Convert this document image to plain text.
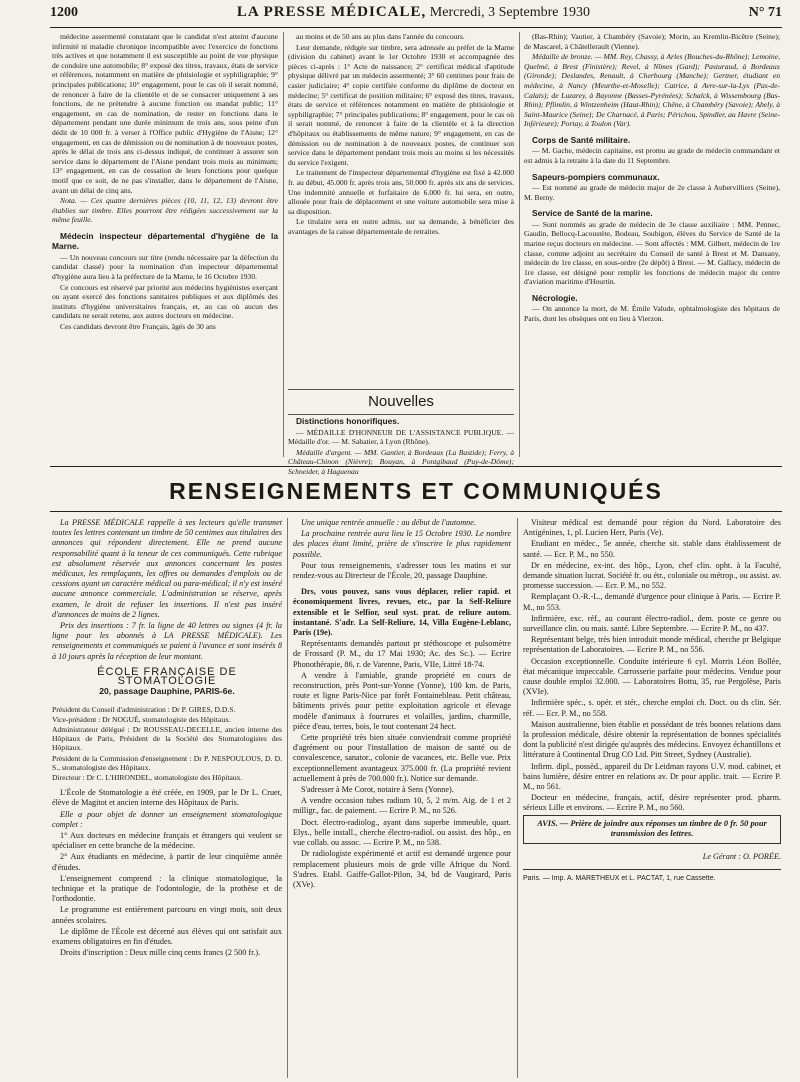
1200	LA PRESSE MÉDICALE, Mercredi, 3 Septembre 1930	N° 71

médecine assermenté constatant que le candidat n'est atteint d'aucune infirmité ni maladie chronique incompatible avec l'exercice de fonctions très actives et que notamment il est susceptible au point de vue physique de conduire une automobile; 8° exposé des titres, travaux, états de service et références, notamment en matière de phtisiologie et syphiligraphie; 9° principales publications; 10° engagement, pour le cas où il serait nommé, de renoncer à faire de la clientèle et de se consacrer uniquement à ses fonctions, de ne prétendre à aucune fonction ou mandat public; 11° engagement, en cas de nomination, de rester en fonctions dans le département pendant une durée minimum de trois ans, sous peine d'un dédit de 10 000 fr. à verser à l'Office public d'Hygiène de l'Aisne; 12° engagement, en cas de démission ou de nomination à de nouveaux postes, après le délai de trois ans ci-dessus indiqué, de continuer à assurer son service dans le département de l'Aisne pendant trois mois au minimum; 13° engagement, en cas de cessation de leurs fonctions pour quelque motif que ce soit, de ne pas s'installer, dans le département de l'Aisne, avant un délai de cinq ans.

Nota. — Ces quatre dernières pièces (10, 11, 12, 13) devront être établies sur timbre. Elles pourront être rédigées successivement sur la même feuille.

Médecin inspecteur départemental d'hygiène de la Marne.

— Un nouveau concours sur titre (rendu nécessaire par la défection du candidat classé) pour la nomination d'un inspecteur départemental d'hygiène aura lieu à la préfecture de la Marne, le 16 Octobre 1930.

Ce concours est réservé par priorité aux médecins hygiénistes exerçant ou ayant exercé des fonctions sanitaires publiques et aux diplômés des instituts d'hygiène universitaires français, et, au cas où aucun des candidats ne serait retenu, aux autres docteurs en médecine.

Ces candidats devront être Français, âgés de 30 ans

au moins et de 50 ans au plus dans l'année du concours.

Leur demande, rédigée sur timbre, sera adressée au préfet de la Marne (division du cabinet) avant le 1er Octobre 1930 et accompagnée des pièces ci-après : 1° Acte de naissance; 2° certificat médical d'aptitude physique délivré par un médecin assermenté; 3° 60 centimes pour frais de casier judiciaire; 4° copie certifiée conforme du diplôme de docteur en médecine; 5° certificat de position militaire; 6° exposé des titres, travaux, états de service et références notamment en matière de phtisiologie et syphiligraphie; 7° principales publications; 8° engagement, pour le cas où il serait nommé, de renoncer à faire de la clientèle et à la direction d'hôpitaux ou établissements de même nature; 9° engagement, en cas de démission ou de nomination à de nouveaux postes, de continuer son service dans le département pendant trois mois au moins si les nécessités du service l'exigent.

Le traitement de l'inspecteur départemental d'hygiène est fixé à 42.000 fr. au début, 45.000 fr. après trois ans, 50.000 fr. après six ans de services. Une indemnité annuelle et forfaitaire de 6.000 fr. lui sera, en outre, allouée pour frais de déplacement et une voiture automobile sera mise à sa disposition.

Le titulaire sera en outre admis, sur sa demande, à bénéficier des avantages de la caisse départementale de retraites.

Nouvelles

Distinctions honorifiques.

— MÉDAILLE D'HONNEUR DE L'ASSISTANCE PUBLIQUE. — Médaille d'or. — M. Sabatier, à Lyon (Rhône).

Médaille d'argent. — MM. Gantier, à Bordeaux (La Bastide); Ferry, à Château-Chinon (Nièvre); Bouyan, à Pontgibaud (Puy-de-Dôme); Schneider, à Haguenau

(Bas-Rhin); Vautier, à Chambéry (Savoie); Morin, au Kremlin-Bicêtre (Seine); de Mascarel, à Châtellerault (Vienne).

Médaille de bronze. — MM. Rey, Chassy, à Arles (Bouches-du-Rhône); Lemoine, Quelmé, à Brest (Finistère); Revel, à Nîmes (Gard); Pasturaud, à Bordeaux (Gironde); Deslandes, Renault, à Cherbourg (Manche); Gertner, étudiant en médecine, à Nancy (Meurthe-et-Moselle); Catrice, à Avre-sur-la-Lys (Pas-de-Calais); de Luzarey, à Bayonne (Basses-Pyrénées); Schalck, à Wissembourg (Bas-Rhin); Pflimlin, à Wintzenheim (Haut-Rhin); Chêne, à Chambéry (Savoie); Abely, à Saint-Maurice (Seine); De Charnacé, à Paris; Périchou, Spindler, au Havre (Seine-Inférieure); Portay, à Toulon (Var).

Corps de Santé militaire.

— M. Gache, médecin capitaine, est promu au grade de médecin commandant et est admis à la retraite à la date du 11 Septembre.

Sapeurs-pompiers communaux.

— Est nommé au grade de médecin major de 2e classe à Aubervilliers (Seine), M. Berny.

Service de Santé de la marine.

— Sont nommés au grade de médecin de 3e classe auxiliaire : MM. Pennec, Gaudin, Bellocq-Lacoustète, Bodeau, Soubigon, élèves du Service de Santé de la marine reçus docteurs en médecine. — Sont affectés : MM. Gilbert, médecin de 1re classe, comme adjoint au secrétaire du Conseil de santé à Brest et M. Dansany, médecin de 1re classe, en sous-ordre (2e dépôt) à Brest. — M. Gallacy, médecin de 1re classe, est désigné pour remplir les fonctions de médecin major du centre d'aviation maritime d'Hourtin.

Nécrologie.

— On annonce la mort, de M. Émile Valude, ophtalmologiste des hôpitaux de Paris, dont les obsèques ont eu lieu à Vierzon.

RENSEIGNEMENTS ET COMMUNIQUÉS

La PRESSE MÉDICALE rappelle à ses lecteurs qu'elle transmet toutes les lettres contenant un timbre de 50 centimes aux titulaires des annonces qui répondent directement. Elle ne prend aucune responsabilité quant à la teneur de ces communiqués. Cette rubrique est absolument réservée aux annonces concernant les postes médicaux, les remplaçants, les offres ou demandes d'emplois ou de cessions ayant un caractère médical ou para-médical; il n'y est inséré aucune annonce commerciale. L'administration se réserve, après examen, le droit de refuser les insertions. Il n'est pas inséré d'annonces de moins de 2 lignes.

Prix des insertions : 7 fr. la ligne de 40 lettres ou signes (4 fr. la ligne pour les abonnés à LA PRESSE MÉDICALE). Les renseignements et communiqués se paient à l'avance et sont insérés 8 à 10 jours après la réception de leur montant.

ÉCOLE FRANÇAISE DE STOMATOLOGIE
20, passage Dauphine, PARIS-6e.

Président du Conseil d'administration : Dr P. GIRES, D.D.S.

Vice-président : Dr NOGUÉ, stomatologiste des Hôpitaux.

Administrateur délégué : Dr ROUSSEAU-DECELLE, ancien interne des Hôpitaux de Paris, Président de la Société des Stomatologistes des Hôpitaux.

Président de la Commission d'enseignement : Dr P. NESPOULOUS, D. D. S., stomatologiste des Hôpitaux.

Directeur : Dr C. L'HIRONDEL, stomatologiste des Hôpitaux.

L'École de Stomatologie a été créée, en 1909, par le Dr L. Cruet, élève de Magitot et ancien interne des Hôpitaux de Paris.

Elle a pour objet de donner un enseignement stomatologique complet :

1° Aux docteurs en médecine français et étrangers qui veulent se spécialiser en cette branche de la médecine.

2° Aux étudiants en médecine, à partir de leur cinquième année d'études.

L'enseignement comprend : la clinique stomatologique, la technique et la pratique de l'odontologie, de la prothèse et de l'orthodontie.

Le programme est entièrement parcouru en vingt mois, soit deux années scolaires.

Le diplôme de l'École est décerné aux élèves qui ont satisfait aux examens obligatoires en fin d'études.

Droits d'inscription : Deux mille cinq cents francs (2 500 fr.).

Une unique rentrée annuelle : au début de l'automne.

La prochaine rentrée aura lieu le 15 Octobre 1930. Le nombre des places étant limité, prière de s'inscrire le plus rapidement possible.

Pour tous renseignements, s'adresser tous les matins et sur rendez-vous au Directeur de l'École, 20, passage Dauphine.

Drs, vous pouvez, sans vous déplacer, relier rapid. et économiquement livres, revues, etc., par la Self-Reliure extensible et le Selfior, seul syst. prat. de reliure autom. instantané. S'adr. La Self-Reliure, 14, Villa Eugène-Leblanc, Paris (19e).

Représentants demandés partout pr stéthoscope et pulsomètre de Frossard (P. M., du 17 Mai 1930; Ac. des Sc.). — Ecrire Phonothérapie, 86, r. de Varenne, Paris, VIIe, Littré 18-74.

A vendre à l'amiable, grande propriété en cours de reconstruction, près Pont-sur-Yonne (Yonne), 100 km. de Paris, route et ligne Paris-Nice par forêt Fontainebleau. Petit château, bâtiments privés pour petite exploitation agricole et élevage modèle d'animaux à fourrures et volailles, jardins, charmille, pièce d'eau, terres, bois, le tout contenant 24 hect.

Cette propriété très bien située conviendrait comme propriété d'agrément ou pour l'installation de maison de santé ou de convalescence, sanator., colonie de vacances, etc. Belle vue. Prix exceptionnellement avantageux 375.000 fr. (La propriété revient actuellement à près de 700.000 fr.). Notice sur demande.

S'adresser à Me Corot, notaire à Sens (Yonne).

A vendre occasion tubes radium 10, 5, 2 m/m. Aig. de 1 et 2 milligr., fac. de paiement. — Ecrire P. M., no 526.

Doct. électro-radiolog., ayant dans superbe immeuble, quart. Elys., belle install., cherche électro-radiol. ou assist. des hôp., en vue collab. ou assoc. — Ecrire P. M., no 538.

Dr radiologiste expérimenté et actif est demandé urgence pour remplacement plusieurs mois de grde ville Afrique du Nord. S'adres. Etabl. Gaiffe-Gallot-Pilon, 34, bd de Vaugirard, Paris (XVe).

Visiteur médical est demandé pour région du Nord. Laboratoire des Antigénines, 1, pl. Lucien Herr, Paris (Ve).

Etudiant en médec., 5e année, cherche sit. stable dans établissement de santé. — Ecr. P. M., no 550.

Dr en médecine, ex-int. des hôp., Lyon, chef clin. opht. à la Faculté, demande situation lucrat. Société fr. ou étr., coloniale ou métrop., ou assist. av. promesse succession. — Ecr. P. M., no 552.

Remplaçant O.-R.-L., demandé d'urgence pour clinique à Paris. — Ecrire P. M., no 553.

Infirmière, exc. réf., au courant électro-radiol., dem. poste ce genre ou surveillance clin. ou mais. santé. Libre Septembre. — Ecrire P. M., no 437.

Représentant belge, très bien introduit monde médical, cherche pr Belgique représentation de Laboratoires. — Ecrire P. M., no 556.

Occasion exceptionnelle. Conduite intérieure 6 cyl. Morris Léon Bollée, état mécanique impeccable. Carrosserie parfaite pour médecins. Vendue pour cause double emploi 32.000. — Laboratoires Bottu, 35, rue Pergolèse, Paris (XVIe).

Infirmière spéc., s. opér. et stér., cherche emploi ch. Doct. ou ds clin. Sér. réf. — Ecr. P. M., no 558.

Maison australienne, bien établie et possédant de très bonnes relations dans la profession médicale, désire obtenir la représentation de bonnes spécialités dont la publicité n'est dirigée qu'auprès des médecins. Envoyez échantillons et littérature à Continental Drug CO Ltd. Pitt Street, Sydney (Australie).

Infirm. dipl., possèd., appareil du Dr Leidman rayons U.V. mod. cabinet, et bains lumière, désire entrer en relations av. Dr pour applic. trait. — Ecrire P. M., no 561.

Docteur en médecine, français, actif, désire représenter prod. pharm. sérieux Lille et environs. — Ecrire P. M., no 560.

AVIS. — Prière de joindre aux réponses un timbre de 0 fr. 50 pour transmission des lettres.
Le Gérant : O. PORÉE.
Paris. — Imp. A. MARETHEUX et L. PACTAT, 1, rue Cassette.
